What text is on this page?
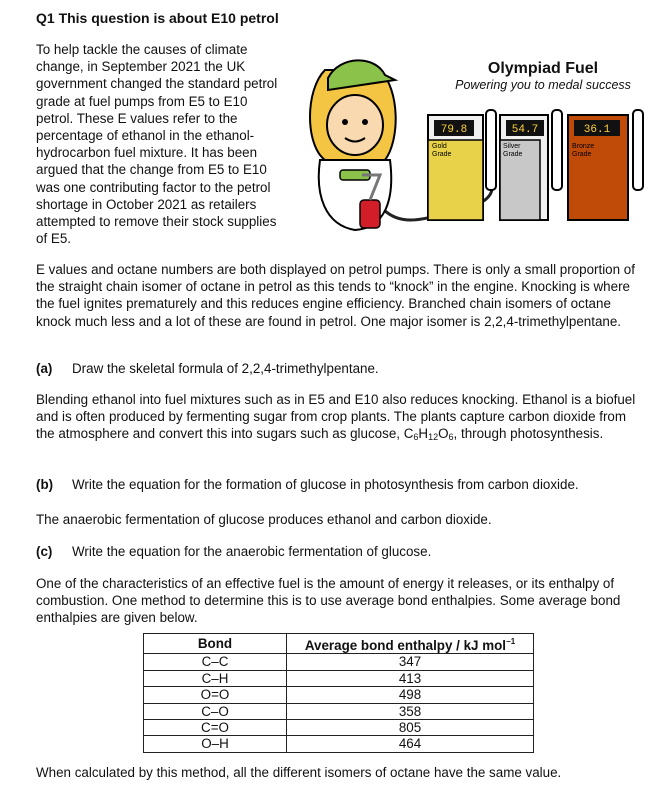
Q1 This question is about E10 petrol
To help tackle the causes of climate change, in September 2021 the UK government changed the standard petrol grade at fuel pumps from E5 to E10 petrol. These E values refer to the percentage of ethanol in the ethanol-hydrocarbon fuel mixture. It has been argued that the change from E5 to E10 was one contributing factor to the petrol shortage in October 2021 as retailers attempted to remove their stock supplies of E5.
79.8	54.7	36.1
Gold
Grade
Silver
Grade
Bronze
Grade
Olympiad Fuel
Powering you to medal success
E values and octane numbers are both displayed on petrol pumps. There is only a small proportion of the straight chain isomer of octane in petrol as this tends to “knock” in the engine. Knocking is where the fuel ignites prematurely and this reduces engine efficiency. Branched chain isomers of octane knock much less and a lot of these are found in petrol. One major isomer is 2,2,4-trimethylpentane.
(a) Draw the skeletal formula of 2,2,4-trimethylpentane.
Blending ethanol into fuel mixtures such as in E5 and E10 also reduces knocking. Ethanol is a biofuel and is often produced by fermenting sugar from crop plants. The plants capture carbon dioxide from the atmosphere and convert this into sugars such as glucose, $C_6H_{12}O_6$, through photosynthesis.
(b) Write the equation for the formation of glucose in photosynthesis from carbon dioxide.
The anaerobic fermentation of glucose produces ethanol and carbon dioxide.
(c) Write the equation for the anaerobic fermentation of glucose.
One of the characteristics of an effective fuel is the amount of energy it releases, or its enthalpy of combustion. One method to determine this is to use average bond enthalpies. Some average bond enthalpies are given below.
Bond	Average bond enthalpy / kJ mol$^{-1}$
C–C	347
C–H	413
O=O	498
C–O	358
C=O	805
O–H	464
When calculated by this method, all the different isomers of octane have the same value.
